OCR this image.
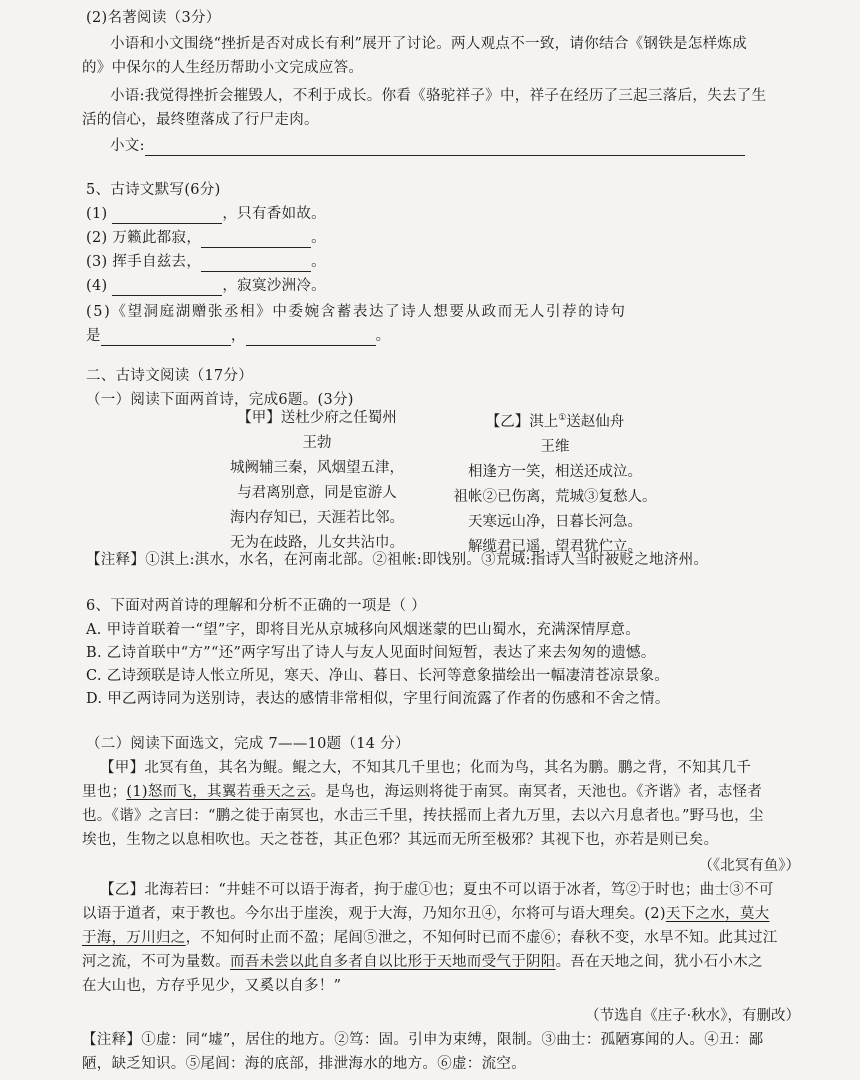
(2)名著阅读（3分）
小语和小文围绕“挫折是否对成长有利”展开了讨论。两人观点不一致，请你结合《钢铁是怎样炼成
的》中保尔的人生经历帮助小文完成应答。
小语:我觉得挫折会摧毁人，不利于成长。你看《骆驼祥子》中，祥子在经历了三起三落后，失去了生
活的信心，最终堕落成了行尸走肉。
小文:
5、古诗文默写(6分)
(1)	，只有香如故。
(2) 万籁此都寂，	。
(3) 挥手自兹去，	。
(4)	，寂寞沙洲冷。
(5)《望洞庭湖赠张丞相》中委婉含蓄表达了诗人想要从政而无人引荐的诗句
是	，	。
二、古诗文阅读（17分）
（一）阅读下面两首诗，完成6题。(3分)
【甲】送杜少府之任蜀州
王勃
城阙辅三秦，风烟望五津，
与君离别意，同是宦游人
海内存知已，天涯若比邻。
无为在歧路，儿女共沾巾。
【乙】淇上①送赵仙舟
王维
相逢方一笑，相送还成泣。
祖帐②已伤离，荒城③复愁人。
天寒远山净，日暮长河急。
解缆君已遥，望君犹伫立。
【注释】①淇上:淇水，水名，在河南北部。②祖帐:即饯别。③荒城:指诗人当时被贬之地济州。
6、下面对两首诗的理解和分析不正确的一项是（ ）
A. 甲诗首联着一“望”字，即将目光从京城移向风烟迷蒙的巴山蜀水，充满深情厚意。
B. 乙诗首联中“方”“还”两字写出了诗人与友人见面时间短暂，表达了来去匆匆的遗憾。
C. 乙诗颈联是诗人怅立所见，寒天、净山、暮日、长河等意象描绘出一幅凄清苍凉景象。
D. 甲乙两诗同为送别诗，表达的感情非常相似，字里行间流露了作者的伤感和不舍之情。
（二）阅读下面选文，完成 7——10题（14 分）
【甲】北冥有鱼，其名为鲲。鲲之大，不知其几千里也；化而为鸟，其名为鹏。鹏之背，不知其几千
里也；(1)怒而飞，其翼若垂天之云。是鸟也，海运则将徙于南冥。南冥者，天池也。《齐谐》者，志怪者
也。《谐》之言曰：“鹏之徙于南冥也，水击三千里，抟扶摇而上者九万里，去以六月息者也。”野马也，尘
埃也，生物之以息相吹也。天之苍苍，其正色邪？其远而无所至极邪？其视下也，亦若是则已矣。
（《北冥有鱼》）
【乙】北海若曰：“井蛙不可以语于海者，拘于虚①也；夏虫不可以语于冰者，笃②于时也；曲士③不可
以语于道者，束于教也。今尔出于崖涘，观于大海，乃知尔丑④，尔将可与语大理矣。(2)天下之水，莫大
于海，万川归之，不知何时止而不盈；尾闾⑤泄之，不知何时已而不虚⑥；春秋不变，水旱不知。此其过江
河之流，不可为量数。而吾未尝以此自多者自以比形于天地而受气于阴阳。吾在天地之间，犹小石小木之
在大山也，方存乎见少，又奚以自多！”
（节选自《庄子·秋水》，有删改）
【注释】①虚：同“墟”，居住的地方。②笃：固。引申为束缚，限制。③曲士：孤陋寡闻的人。④丑：鄙
陋，缺乏知识。⑤尾闾：海的底部，排泄海水的地方。⑥虚：流空。
